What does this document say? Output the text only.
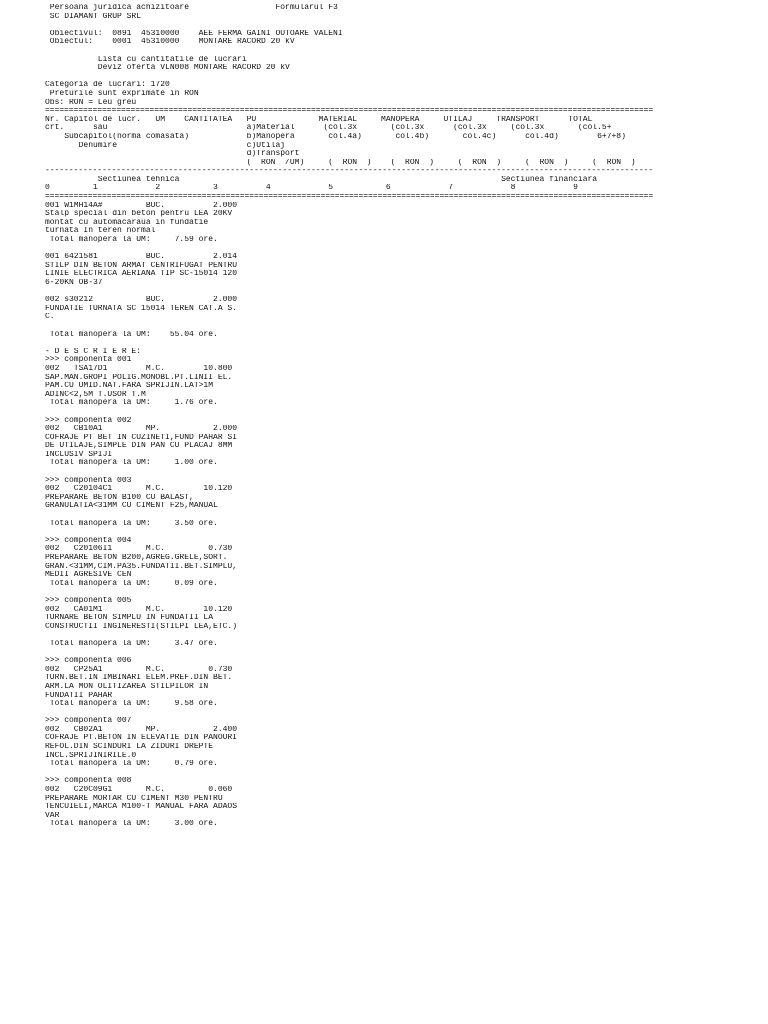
Persoana juridica achizitoare                  Formularul F3
SC DIAMANT GRUP SRL
Obiectivul:  0891  45310000    AEE FERMA GAINI OUTOARE VALENI
Obiectul:    0001  45310000    MONTARE RACORD 20 kV
Lista cu cantitatile de lucrari
Deviz oferta VLN008 MONTARE RACORD 20 kV
Categoria de lucrari: 1720
Preturile sunt exprimate in RON
Obs: RON = Leu greu
================================================================================================================================
Nr. Capitol de lucr.   UM    CANTITATEA   PU             MATERIAL     MANOPERA     UTILAJ     TRANSPORT      TOTAL
crt.      sau                             a)Material      (col.3x       (col.3x      (col.3x     (col.3x       (col.5+
Subcapitol(norma comasata)            b)Manopera       col.4a)       col.4b)       col.4c)      col.4d)        6+7+8)
Denumire                           c)Utilaj
d)Transport
(  RON  /UM)     (  RON  )    (  RON  )     (  RON  )     (  RON  )     (  RON  )
--------------------------------------------------------------------------------------------------------------------------------
Sectiunea tehnica                                                                   Sectiunea financiara
0         1            2           3          4            5           6            7            8            9
================================================================================================================================
001 W1MH14A#         BUC.          2.000
Stalp special din beton pentru LEA 20KV
montat cu automacaraua in fundatie
turnata In teren normal
Total manopera la UM:     7.59 ore.
001 6421581          BUC.          2.014
STILP DIN BETON ARMAT CENTRIFUGAT PENTRU
LINIE ELECTRICA AERIANA TIP SC-15014 120
6-20KN OB-37
002 s30212           BUC.          2.000
FUNDATIE TURNATA SC 15014 TEREN CAT.A S.
C.
Total manopera la UM:    55.04 ore.
- D E S C R I E R E:
>>> componenta 001
002   TSA17D1        M.C.        10.800
SAP.MAN.GROPI POLIG.MONOBL.PT.LINII EL.
PAM.CU UMID.NAT.FARA SPRIJIN.LAT>1M
ADINC<2,5M T.USOR T.M
Total manopera la UM:     1.76 ore.
>>> componenta 002
002   CB10A1         MP.           2.000
COFRAJE PT BET IN CUZINETI,FUND PAHAR SI
DE UTILAJE,SIMPLE DIN PAN CU PLACAJ 8MM
INCLUSIV SPIJI
Total manopera la UM:     1.00 ore.
>>> componenta 003
002   C20104C1       M.C.        10.120
PREPARARE BETON B100 CU BALAST,
GRANULATIA<31MM CU CIMENT F25,MANUAL
Total manopera la UM:     3.50 ore.
>>> componenta 004
002   C20106I1       M.C.         0.730
PREPARARE BETON B200,AGREG.GRELE,SORT.
GRAN.<31MM,CIM.PA35.FUNDATII.BET.SIMPLU,
MEDII AGRESIVE CEN
Total manopera la UM:     0.09 ore.
>>> componenta 005
002   CA01M1         M.C.        10.120
TURNARE BETON SIMPLU IN FUNDATII LA
CONSTRUCTII INGINERESTI(STILPI LEA,ETC.)
Total manopera la UM:     3.47 ore.
>>> componenta 006
002   CP25A1         M.C.         0.730
TURN.BET.IN IMBINARI ELEM.PREF.DIN BET.
ARM.LA MON OLITIZAREA STILPILOR IN
FUNDATII PAHAR
Total manopera la UM:     9.58 ore.
>>> componenta 007
002   CB02A1         MP.           2.400
COFRAJE PT.BETON IN ELEVATIE DIN PANOURI
REFOL.DIN SCINDURI LA ZIDURI DREPTE
INCL.SPRIJINIRILE.0
Total manopera la UM:     0.79 ore.
>>> componenta 008
002   C20C09G1       M.C.         0.060
PREPARARE MORTAR CU CIMENT M30 PENTRU
TENCUIELI,MARCA M100-T MANUAL FARA ADAOS
VAR
Total manopera la UM:     3.00 ore.
